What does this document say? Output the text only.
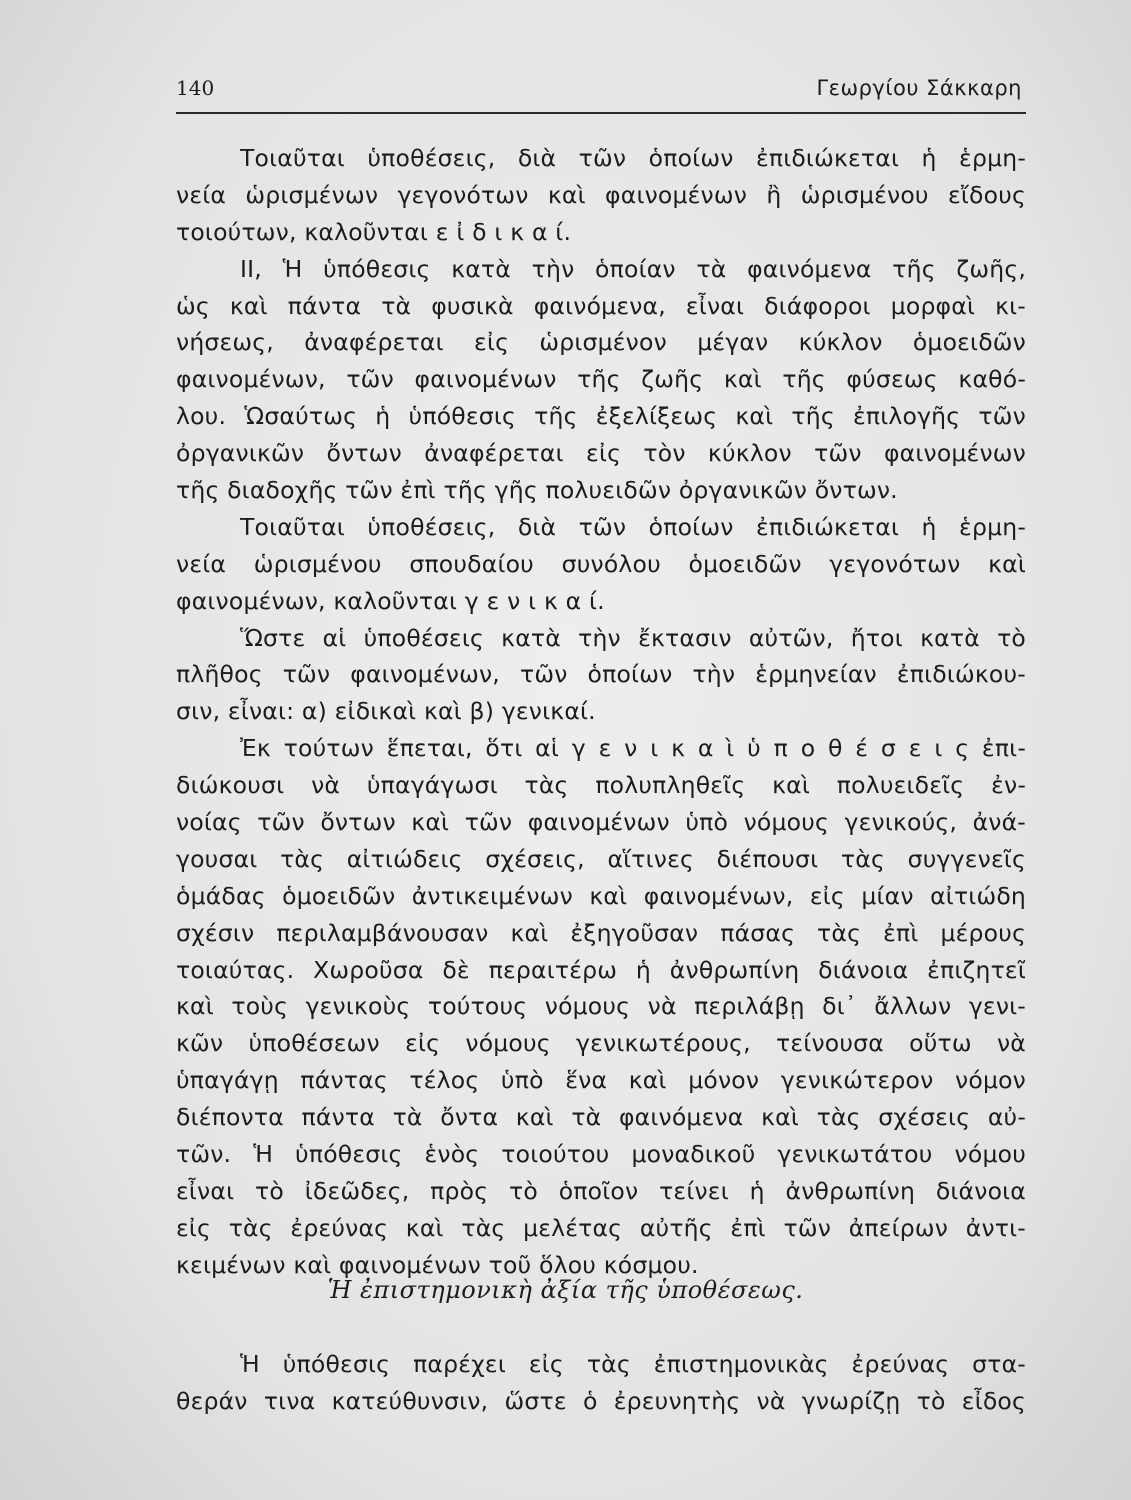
140	Γεωργίου Σάκκαρη
Τοιαῦται ὑποθέσεις, διὰ τῶν ὁποίων ἐπιδιώκεται ἡ ἑρμη-
νεία ὡρισμένων γεγονότων καὶ φαινομένων ἢ ὡρισμένου εἴδους
τοιούτων, καλοῦνται ε ἰ δ ι κ α ί.
II, Ἡ ὑπόθεσις κατὰ τὴν ὁποίαν τὰ φαινόμενα τῆς ζωῆς,
ὡς καὶ πάντα τὰ φυσικὰ φαινόμενα, εἶναι διάφοροι μορφαὶ κι-
νήσεως, ἀναφέρεται εἰς ὡρισμένον μέγαν κύκλον ὁμοειδῶν
φαινομένων, τῶν φαινομένων τῆς ζωῆς καὶ τῆς φύσεως καθό-
λου. Ὡσαύτως ἡ ὑπόθεσις τῆς ἐξελίξεως καὶ τῆς ἐπιλογῆς τῶν
ὀργανικῶν ὄντων ἀναφέρεται εἰς τὸν κύκλον τῶν φαινομένων
τῆς διαδοχῆς τῶν ἐπὶ τῆς γῆς πολυειδῶν ὀργανικῶν ὄντων.
Τοιαῦται ὑποθέσεις, διὰ τῶν ὁποίων ἐπιδιώκεται ἡ ἑρμη-
νεία ὡρισμένου σπουδαίου συνόλου ὁμοειδῶν γεγονότων καὶ
φαινομένων, καλοῦνται γ ε ν ι κ α ί.
Ὥστε αἱ ὑποθέσεις κατὰ τὴν ἔκτασιν αὐτῶν, ἤτοι κατὰ τὸ
πλῆθος τῶν φαινομένων, τῶν ὁποίων τὴν ἑρμηνείαν ἐπιδιώκου-
σιν, εἶναι: α) εἰδικαὶ καὶ β) γενικαί.
Ἐκ τούτων ἕπεται, ὅτι αἱ γ ε ν ι κ α ὶ ὑ π ο θ έ σ ε ι ς ἐπι-
διώκουσι νὰ ὑπαγάγωσι τὰς πολυπληθεῖς καὶ πολυειδεῖς ἐν-
νοίας τῶν ὄντων καὶ τῶν φαινομένων ὑπὸ νόμους γενικούς, ἀνά-
γουσαι τὰς αἰτιώδεις σχέσεις, αἵτινες διέπουσι τὰς συγγενεῖς
ὁμάδας ὁμοειδῶν ἀντικειμένων καὶ φαινομένων, εἰς μίαν αἰτιώδη
σχέσιν περιλαμβάνουσαν καὶ ἐξηγοῦσαν πάσας τὰς ἐπὶ μέρους
τοιαύτας. Χωροῦσα δὲ περαιτέρω ἡ ἀνθρωπίνη διάνοια ἐπιζητεῖ
καὶ τοὺς γενικοὺς τούτους νόμους νὰ περιλάβῃ δι᾽ ἄλλων γενι-
κῶν ὑποθέσεων εἰς νόμους γενικωτέρους, τείνουσα οὕτω νὰ
ὑπαγάγῃ πάντας τέλος ὑπὸ ἕνα καὶ μόνον γενικώτερον νόμον
διέποντα πάντα τὰ ὄντα καὶ τὰ φαινόμενα καὶ τὰς σχέσεις αὐ-
τῶν. Ἡ ὑπόθεσις ἑνὸς τοιούτου μοναδικοῦ γενικωτάτου νόμου
εἶναι τὸ ἰδεῶδες, πρὸς τὸ ὁποῖον τείνει ἡ ἀνθρωπίνη διάνοια
εἰς τὰς ἐρεύνας καὶ τὰς μελέτας αὐτῆς ἐπὶ τῶν ἀπείρων ἀντι-
κειμένων καὶ φαινομένων τοῦ ὅλου κόσμου.
Ἡ ἐπιστημονικὴ ἀξία τῆς ὑποθέσεως.
Ἡ ὑπόθεσις παρέχει εἰς τὰς ἐπιστημονικὰς ἐρεύνας στα-
θεράν τινα κατεύθυνσιν, ὥστε ὁ ἐρευνητὴς νὰ γνωρίζῃ τὸ εἶδος
